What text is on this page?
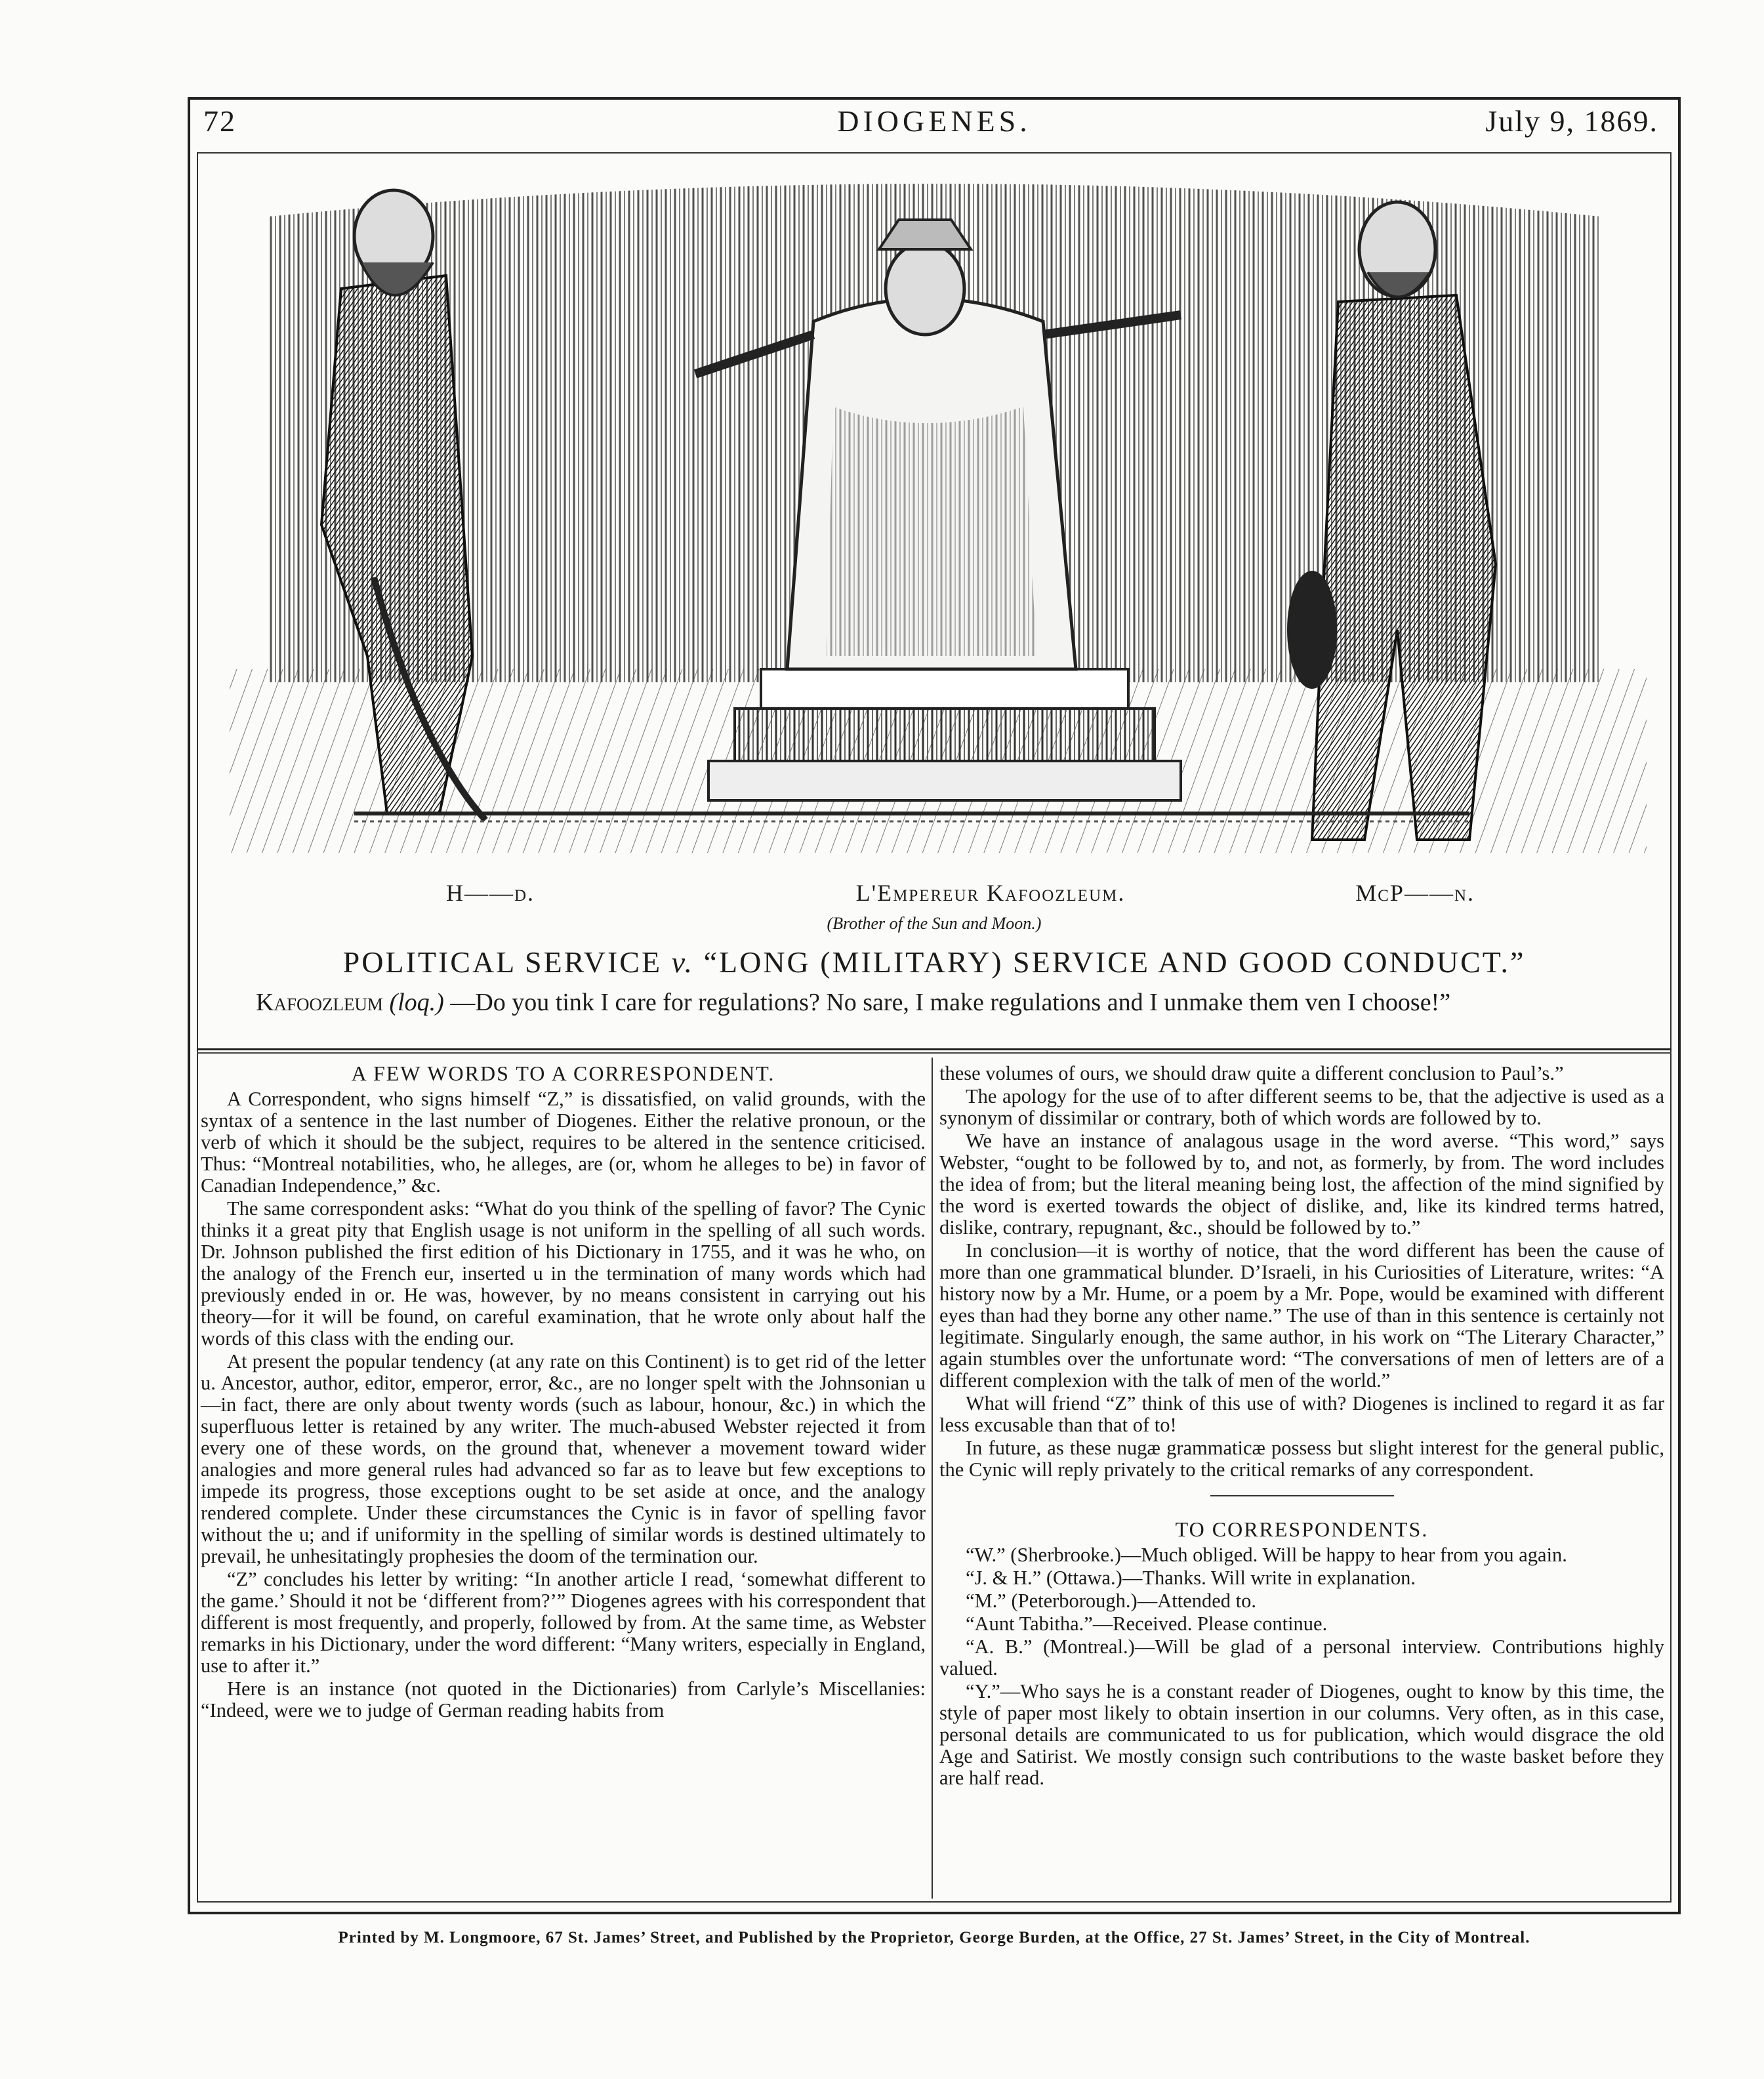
72	DIOGENES.	July 9, 1869.
H——d.	L'Empereur Kafoozleum.	McP——n.
(Brother of the Sun and Moon.)
POLITICAL SERVICE v. “LONG (MILITARY) SERVICE AND GOOD CONDUCT.”
Kafoozleum (loq.) —Do you tink I care for regulations? No sare, I make regulations and I unmake them ven I choose!”
A FEW WORDS TO A CORRESPONDENT.

A Correspondent, who signs himself “Z,” is dissatisfied, on valid grounds, with the syntax of a sentence in the last number of Diogenes. Either the relative pronoun, or the verb of which it should be the subject, requires to be altered in the sentence criticised. Thus: “Montreal notabilities, who, he alleges, are (or, whom he alleges to be) in favor of Canadian Independence,” &c.

The same correspondent asks: “What do you think of the spelling of favor? The Cynic thinks it a great pity that English usage is not uniform in the spelling of all such words. Dr. Johnson published the first edition of his Dictionary in 1755, and it was he who, on the analogy of the French eur, inserted u in the termination of many words which had previously ended in or. He was, however, by no means consistent in carrying out his theory—for it will be found, on careful examination, that he wrote only about half the words of this class with the ending our.

At present the popular tendency (at any rate on this Continent) is to get rid of the letter u. Ancestor, author, editor, emperor, error, &c., are no longer spelt with the Johnsonian u—in fact, there are only about twenty words (such as labour, honour, &c.) in which the superfluous letter is retained by any writer. The much-abused Webster rejected it from every one of these words, on the ground that, whenever a movement toward wider analogies and more general rules had advanced so far as to leave but few exceptions to impede its progress, those exceptions ought to be set aside at once, and the analogy rendered complete. Under these circumstances the Cynic is in favor of spelling favor without the u; and if uniformity in the spelling of similar words is destined ultimately to prevail, he unhesitatingly prophesies the doom of the termination our.

“Z” concludes his letter by writing: “In another article I read, ‘somewhat different to the game.’ Should it not be ‘different from?’” Diogenes agrees with his correspondent that different is most frequently, and properly, followed by from. At the same time, as Webster remarks in his Dictionary, under the word different: “Many writers, especially in England, use to after it.”

Here is an instance (not quoted in the Dictionaries) from Carlyle’s Miscellanies: “Indeed, were we to judge of German reading habits from

these volumes of ours, we should draw quite a different conclusion to Paul’s.”

The apology for the use of to after different seems to be, that the adjective is used as a synonym of dissimilar or contrary, both of which words are followed by to.

We have an instance of analagous usage in the word averse. “This word,” says Webster, “ought to be followed by to, and not, as formerly, by from. The word includes the idea of from; but the literal meaning being lost, the affection of the mind signified by the word is exerted towards the object of dislike, and, like its kindred terms hatred, dislike, contrary, repugnant, &c., should be followed by to.”

In conclusion—it is worthy of notice, that the word different has been the cause of more than one grammatical blunder. D’Israeli, in his Curiosities of Literature, writes: “A history now by a Mr. Hume, or a poem by a Mr. Pope, would be examined with different eyes than had they borne any other name.” The use of than in this sentence is certainly not legitimate. Singularly enough, the same author, in his work on “The Literary Character,” again stumbles over the unfortunate word: “The conversations of men of letters are of a different complexion with the talk of men of the world.”

What will friend “Z” think of this use of with? Diogenes is inclined to regard it as far less excusable than that of to!

In future, as these nugæ grammaticæ possess but slight interest for the general public, the Cynic will reply privately to the critical remarks of any correspondent.

TO CORRESPONDENTS.

“W.” (Sherbrooke.)—Much obliged. Will be happy to hear from you again.

“J. & H.” (Ottawa.)—Thanks. Will write in explanation.

“M.” (Peterborough.)—Attended to.

“Aunt Tabitha.”—Received. Please continue.

“A. B.” (Montreal.)—Will be glad of a personal interview. Contributions highly valued.

“Y.”—Who says he is a constant reader of Diogenes, ought to know by this time, the style of paper most likely to obtain insertion in our columns. Very often, as in this case, personal details are communicated to us for publication, which would disgrace the old Age and Satirist. We mostly consign such contributions to the waste basket before they are half read.

Printed by M. Longmoore, 67 St. James’ Street, and Published by the Proprietor, George Burden, at the Office, 27 St. James’ Street, in the City of Montreal.
